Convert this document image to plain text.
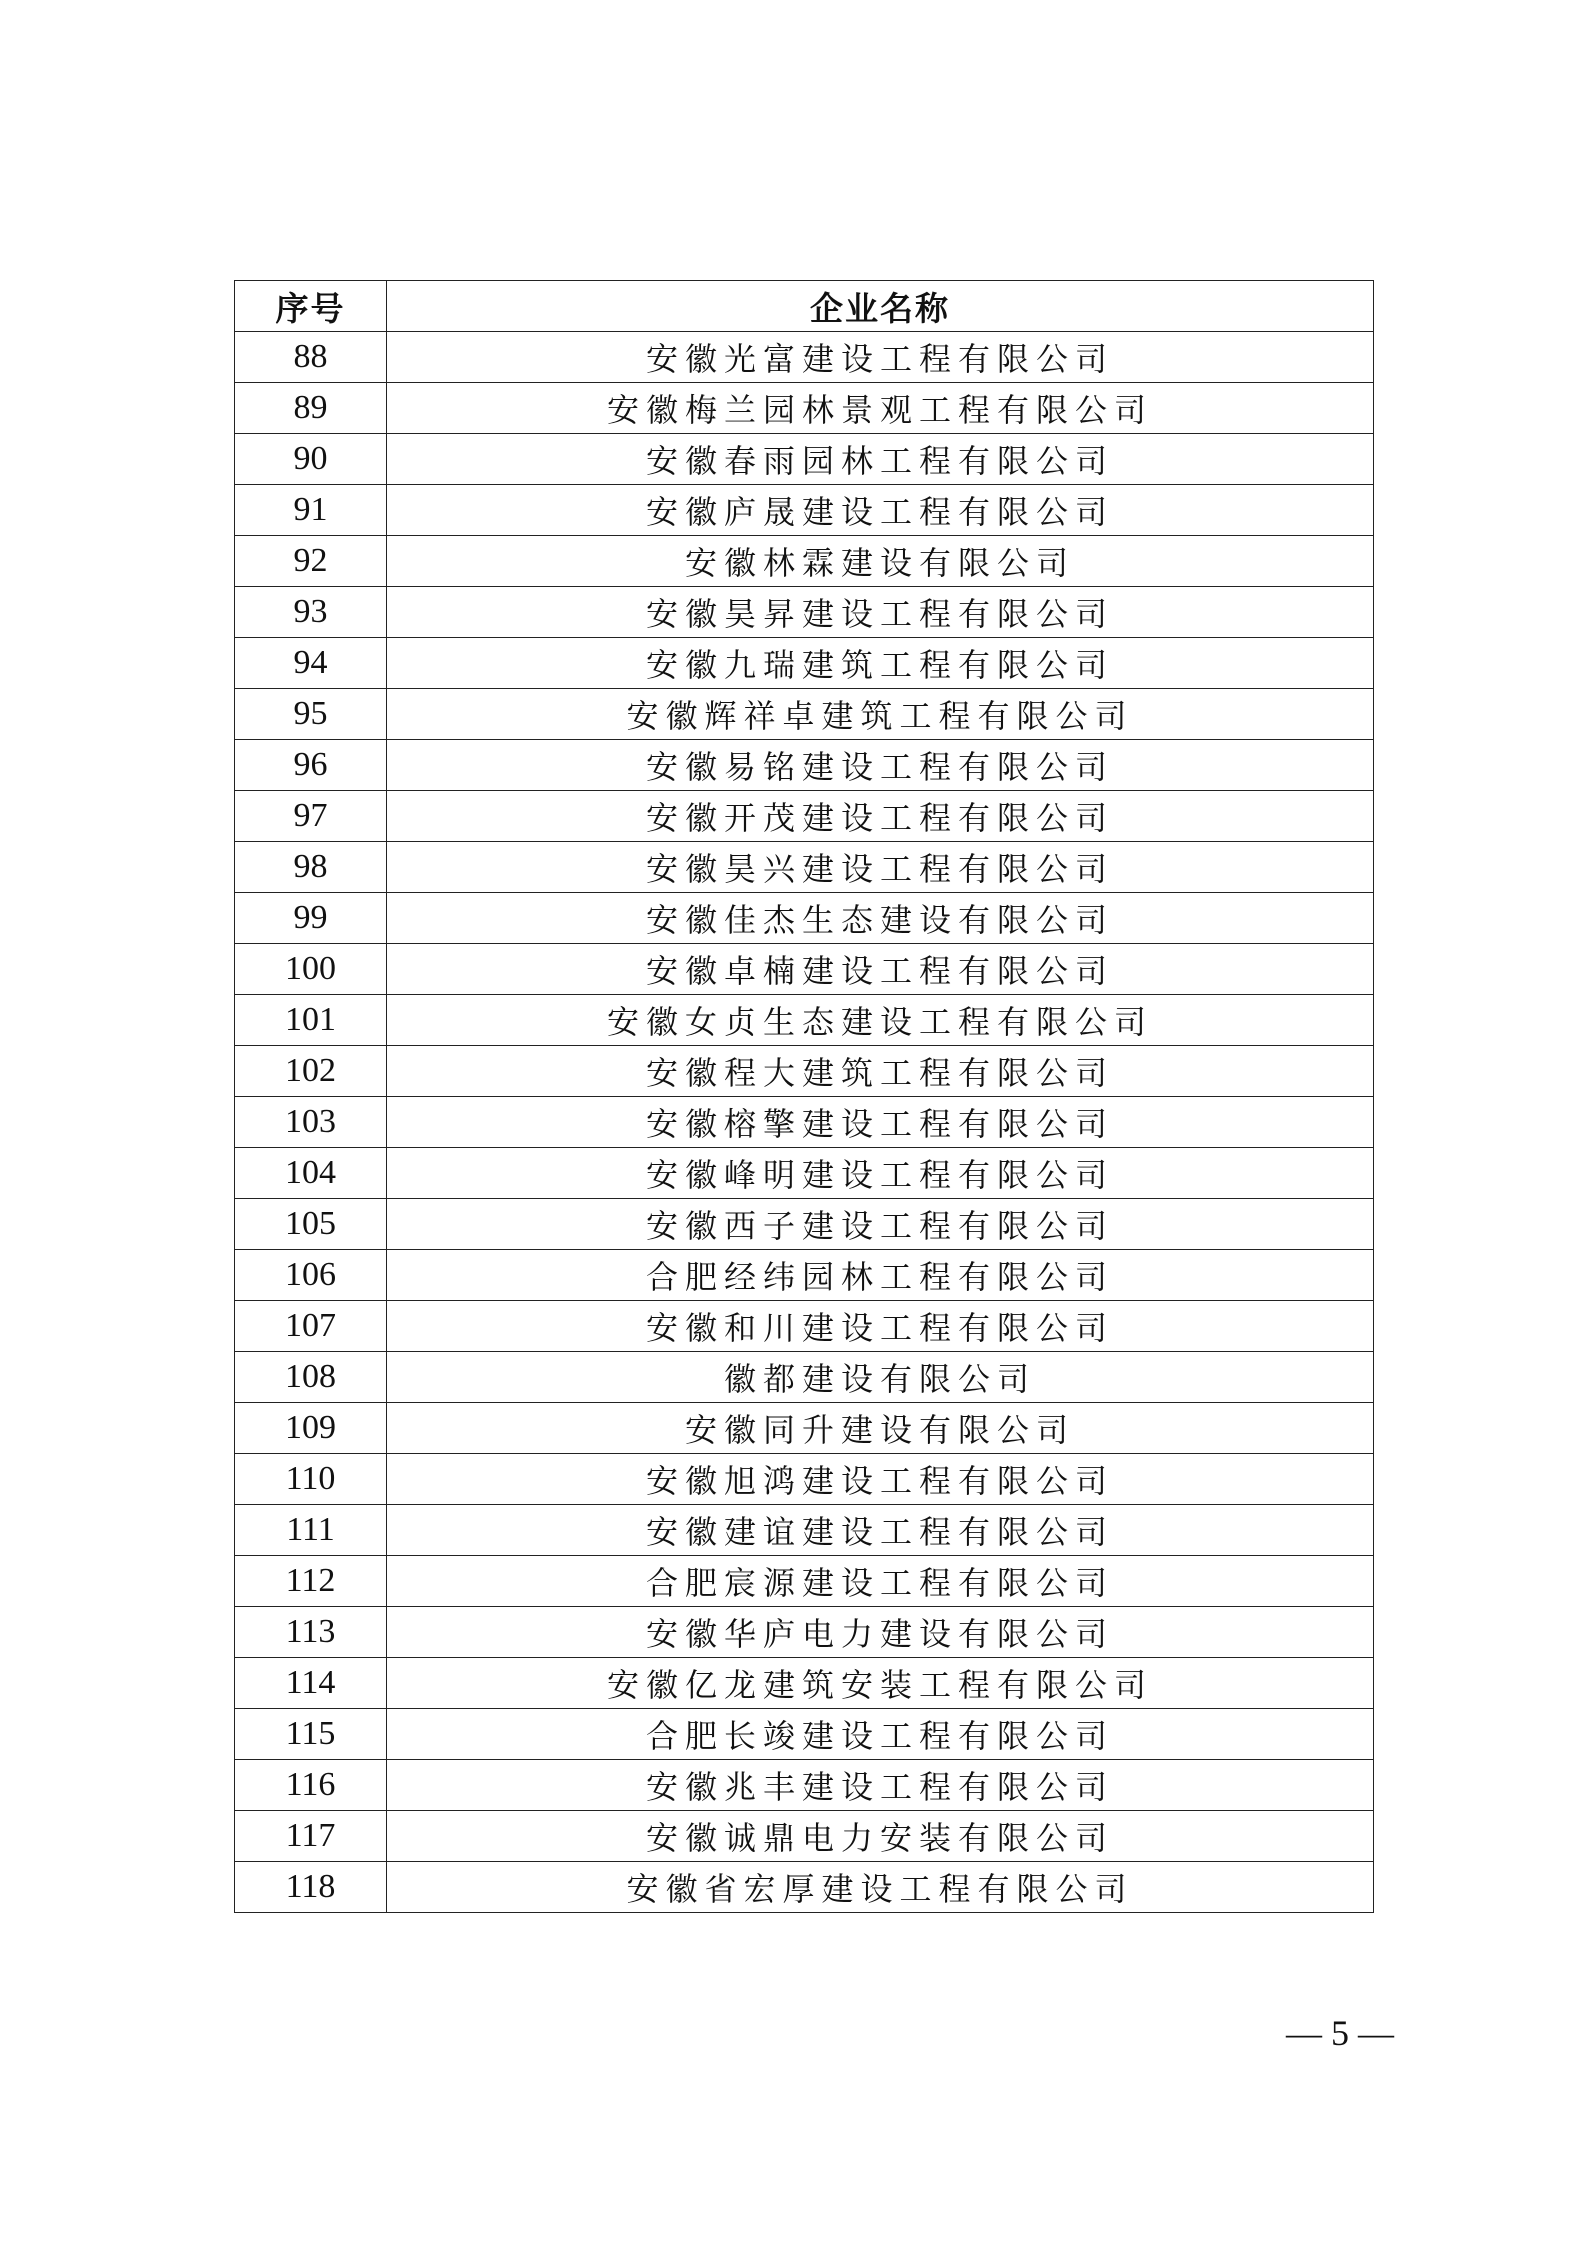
序号	企业名称
88	安徽光富建设工程有限公司
89	安徽梅兰园林景观工程有限公司
90	安徽春雨园林工程有限公司
91	安徽庐晟建设工程有限公司
92	安徽林霖建设有限公司
93	安徽昊昇建设工程有限公司
94	安徽九瑞建筑工程有限公司
95	安徽辉祥卓建筑工程有限公司
96	安徽易铭建设工程有限公司
97	安徽开茂建设工程有限公司
98	安徽昊兴建设工程有限公司
99	安徽佳杰生态建设有限公司
100	安徽卓楠建设工程有限公司
101	安徽女贞生态建设工程有限公司
102	安徽程大建筑工程有限公司
103	安徽榕擎建设工程有限公司
104	安徽峰明建设工程有限公司
105	安徽西子建设工程有限公司
106	合肥经纬园林工程有限公司
107	安徽和川建设工程有限公司
108	徽都建设有限公司
109	安徽同升建设有限公司
110	安徽旭鸿建设工程有限公司
111	安徽建谊建设工程有限公司
112	合肥宸源建设工程有限公司
113	安徽华庐电力建设有限公司
114	安徽亿龙建筑安装工程有限公司
115	合肥长竣建设工程有限公司
116	安徽兆丰建设工程有限公司
117	安徽诚鼎电力安装有限公司
118	安徽省宏厚建设工程有限公司
— 5 —
